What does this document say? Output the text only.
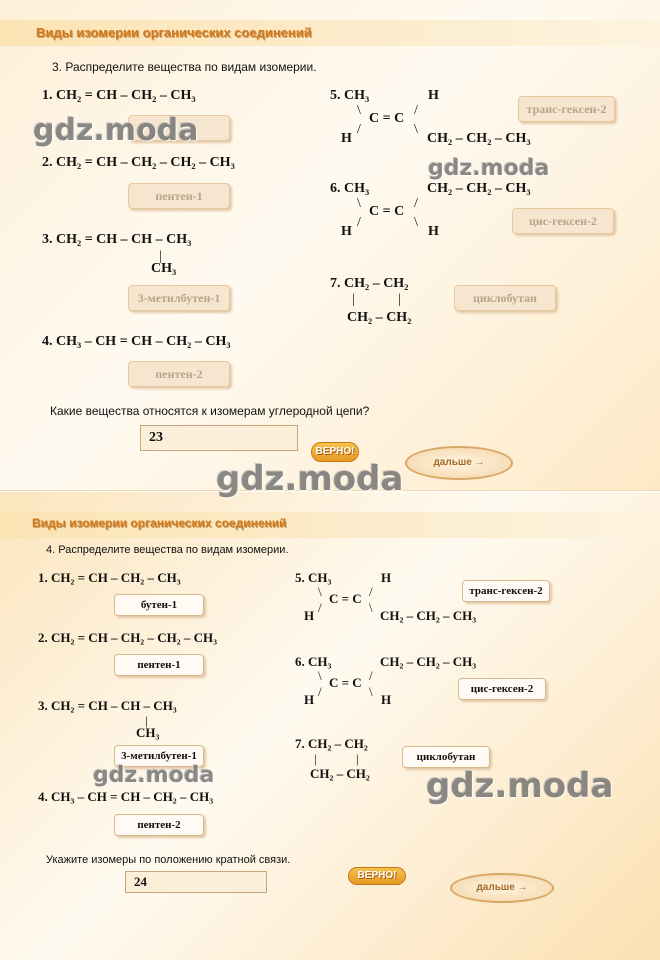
Виды изомерии органических соединений
3. Распределите вещества по видам изомерии.
1. CH₂ = CH – CH₂ – CH₃
2. CH₂ = CH – CH₂ – CH₂ – CH₃
пентен-1
3. CH₂ = CH – CH – CH₃
|
CH₃
3-метилбутен-1
4. CH₃ – CH = CH – CH₂ – CH₃
пентен-2
5. CH₃	H
\	/
C = C
/	\
H	CH₂ – CH₂ – CH₃
транс-гексен-2
6. CH₃	CH₂ – CH₂ – CH₃
\	/
C = C
/	\
H	H
цис-гексен-2
7. CH₂ – CH₂
|	|
CH₂ – CH₂
циклобутан
Какие вещества относятся к изомерам углеродной цепи?
23
ВЕРНО!
дальше →
Виды изомерии органических соединений
4. Распределите вещества по видам изомерии.
1. CH₂ = CH – CH₂ – CH₃
бутен-1
2. CH₂ = CH – CH₂ – CH₂ – CH₃
пентен-1
3. CH₂ = CH – CH – CH₃
|
CH₃
3-метилбутен-1
4. CH₃ – CH = CH – CH₂ – CH₃
пентен-2
5. CH₃	H
\	/
C = C
/	\
H	CH₂ – CH₂ – CH₃
транс-гексен-2
6. CH₃	CH₂ – CH₂ – CH₃
\	/
C = C
/	\
H	H
цис-гексен-2
7. CH₂ – CH₂
|	|
CH₂ – CH₂
циклобутан
Укажите изомеры по положению кратной связи.
24	ВЕРНО!
дальше →
gdz.moda
gdz.moda
gdz.moda
gdz.moda	gdz.moda
